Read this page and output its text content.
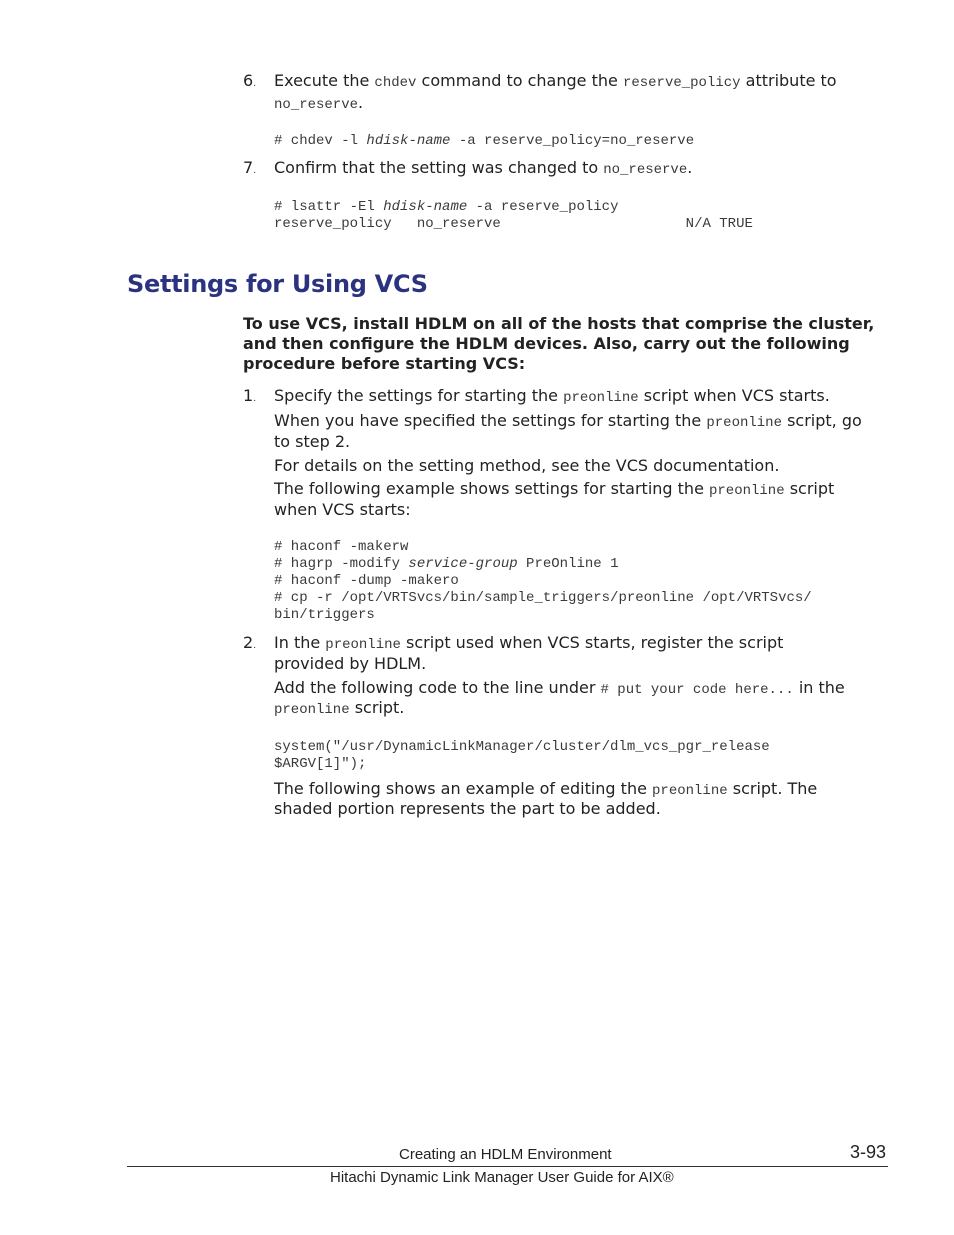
6. Execute the chdev command to change the reserve_policy attribute to
no_reserve.
# chdev -l hdisk-name -a reserve_policy=no_reserve
7. Confirm that the setting was changed to no_reserve.
# lsattr -El hdisk-name -a reserve_policy
reserve_policy   no_reserve                      N/A TRUE
Settings for Using VCS
To use VCS, install HDLM on all of the hosts that comprise the cluster,
and then configure the HDLM devices. Also, carry out the following
procedure before starting VCS:
1. Specify the settings for starting the preonline script when VCS starts.
When you have specified the settings for starting the preonline script, go
to step 2.
For details on the setting method, see the VCS documentation.
The following example shows settings for starting the preonline script
when VCS starts:
# haconf -makerw
# hagrp -modify service-group PreOnline 1
# haconf -dump -makero
# cp -r /opt/VRTSvcs/bin/sample_triggers/preonline /opt/VRTSvcs/
bin/triggers
2. In the preonline script used when VCS starts, register the script
provided by HDLM.
Add the following code to the line under # put your code here... in the
preonline script.
system("/usr/DynamicLinkManager/cluster/dlm_vcs_pgr_release
$ARGV[1]");
The following shows an example of editing the preonline script. The
shaded portion represents the part to be added.
Creating an HDLM Environment	3-93
Hitachi Dynamic Link Manager User Guide for AIX®
